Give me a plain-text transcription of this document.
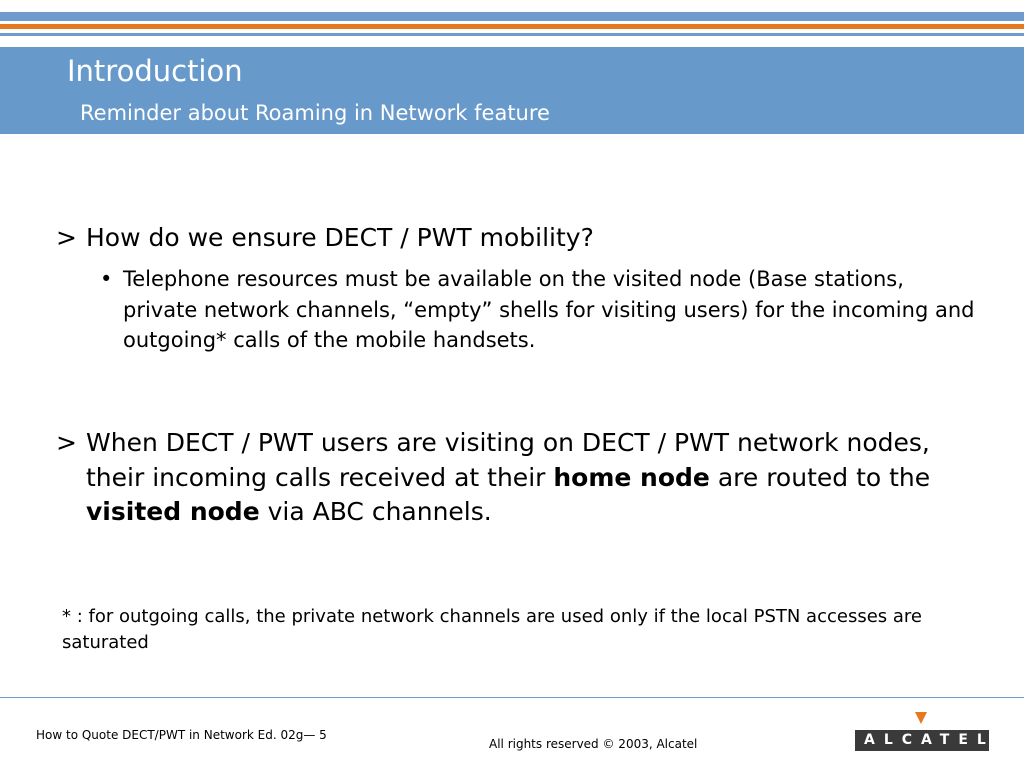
Introduction
Reminder about Roaming in Network feature
> How do we ensure DECT / PWT mobility?
• Telephone resources must be available on the visited node (Base stations, private network channels, “empty” shells for visiting users) for the incoming and outgoing* calls of the mobile handsets.
> When DECT / PWT users are visiting on DECT / PWT network nodes, their incoming calls received at their home node are routed to the visited node via ABC channels.
* : for outgoing calls, the private network channels are used only if the local PSTN accesses are saturated
How to Quote DECT/PWT in Network Ed. 02g— 5
All rights reserved © 2003, Alcatel	ALCATEL
